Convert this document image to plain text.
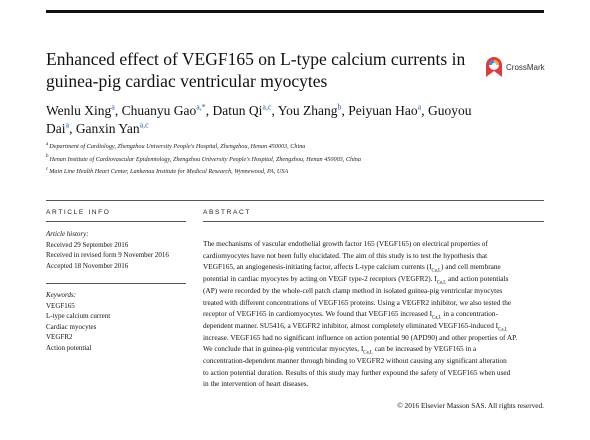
Enhanced effect of VEGF165 on L-type calcium currents in guinea-pig cardiac ventricular myocytes
CrossMark
Wenlu Xing$^a$, Chuanyu Gao$^{a,*}$, Datun Qi$^{a,c}$, You Zhang$^b$, Peiyuan Hao$^a$, Guoyou Dai$^a$, Ganxin Yan$^{a,c}$
$^a$Department of Cardiology, Zhengzhou University People's Hospital, Zhengzhou, Henan 450003, China
$^b$Henan Institute of Cardiovascular Epidemiology, Zhengzhou University People's Hospital, Zhengzhou, Henan 450003, China
$^c$Main Line Health Heart Center, Lankenau Institute for Medical Research, Wynnewood, PA, USA
ARTICLE INFO	ABSTRACT
Article history:
Received 29 September 2016
Received in revised form 9 November 2016
Accepted 18 November 2016
Keywords:
VEGF165
L-type calcium current
Cardiac myocytes
VEGFR2
Action potential
The mechanisms of vascular endothelial growth factor 165 (VEGF165) on electrical properties of
cardiomyocytes have not been fully elucidated. The aim of this study is to test the hypothesis that
VEGF165, an angiogenesis-initiating factor, affects L-type calcium currents $(I_{Ca,L})$ and cell membrane
potential in cardiac myocytes by acting on VEGF type-2 receptors (VEGFR2). $I_{Ca,L}$ and action potentials
(AP) were recorded by the whole-cell patch clamp method in isolated guinea-pig ventricular myocytes
treated with different concentrations of VEGF165 proteins. Using a VEGFR2 inhibitor, we also tested the
receptor of VEGF165 in cardiomyocytes. We found that VEGF165 increased $I_{Ca,L}$ in a concentration-
dependent manner. SU5416, a VEGFR2 inhibitor, almost completely eliminated VEGF165-induced $I_{Ca,L}$
increase. VEGF165 had no significant influence on action potential 90 (APD90) and other properties of AP.
We conclude that in guinea-pig ventricular myocytes, $I_{Ca,L}$ can be increased by VEGF165 in a
concentration-dependent manner through binding to VEGFR2 without causing any significant alteration
to action potential duration. Results of this study may further expound the safety of VEGF165 when used
in the intervention of heart diseases.
© 2016 Elsevier Masson SAS. All rights reserved.
